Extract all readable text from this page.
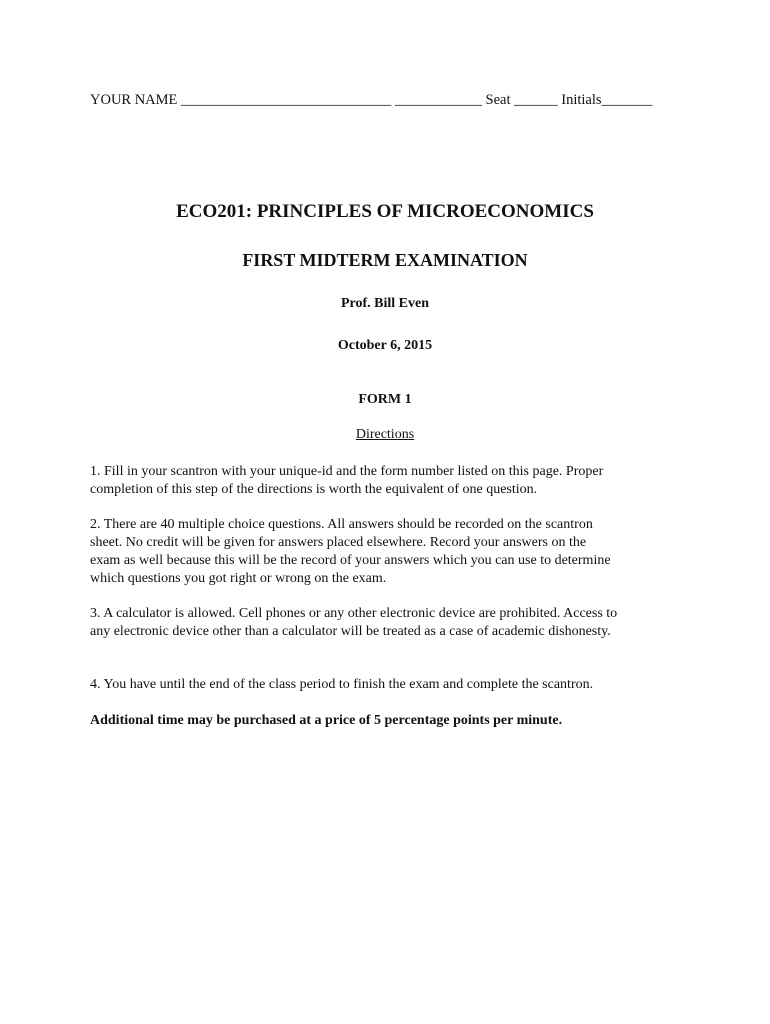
YOUR NAME _____________________________ ____________ Seat ______ Initials_______
ECO201: PRINCIPLES OF MICROECONOMICS
FIRST MIDTERM EXAMINATION
Prof. Bill Even
October 6, 2015
FORM 1
Directions
1. Fill in your scantron with your unique-id and the form number listed on this page. Proper
completion of this step of the directions is worth the equivalent of one question.
2. There are 40 multiple choice questions. All answers should be recorded on the scantron
sheet. No credit will be given for answers placed elsewhere. Record your answers on the
exam as well because this will be the record of your answers which you can use to determine
which questions you got right or wrong on the exam.
3. A calculator is allowed. Cell phones or any other electronic device are prohibited. Access to
any electronic device other than a calculator will be treated as a case of academic dishonesty.

4. You have until the end of the class period to finish the exam and complete the scantron.

Additional time may be purchased at a price of 5 percentage points per minute.
